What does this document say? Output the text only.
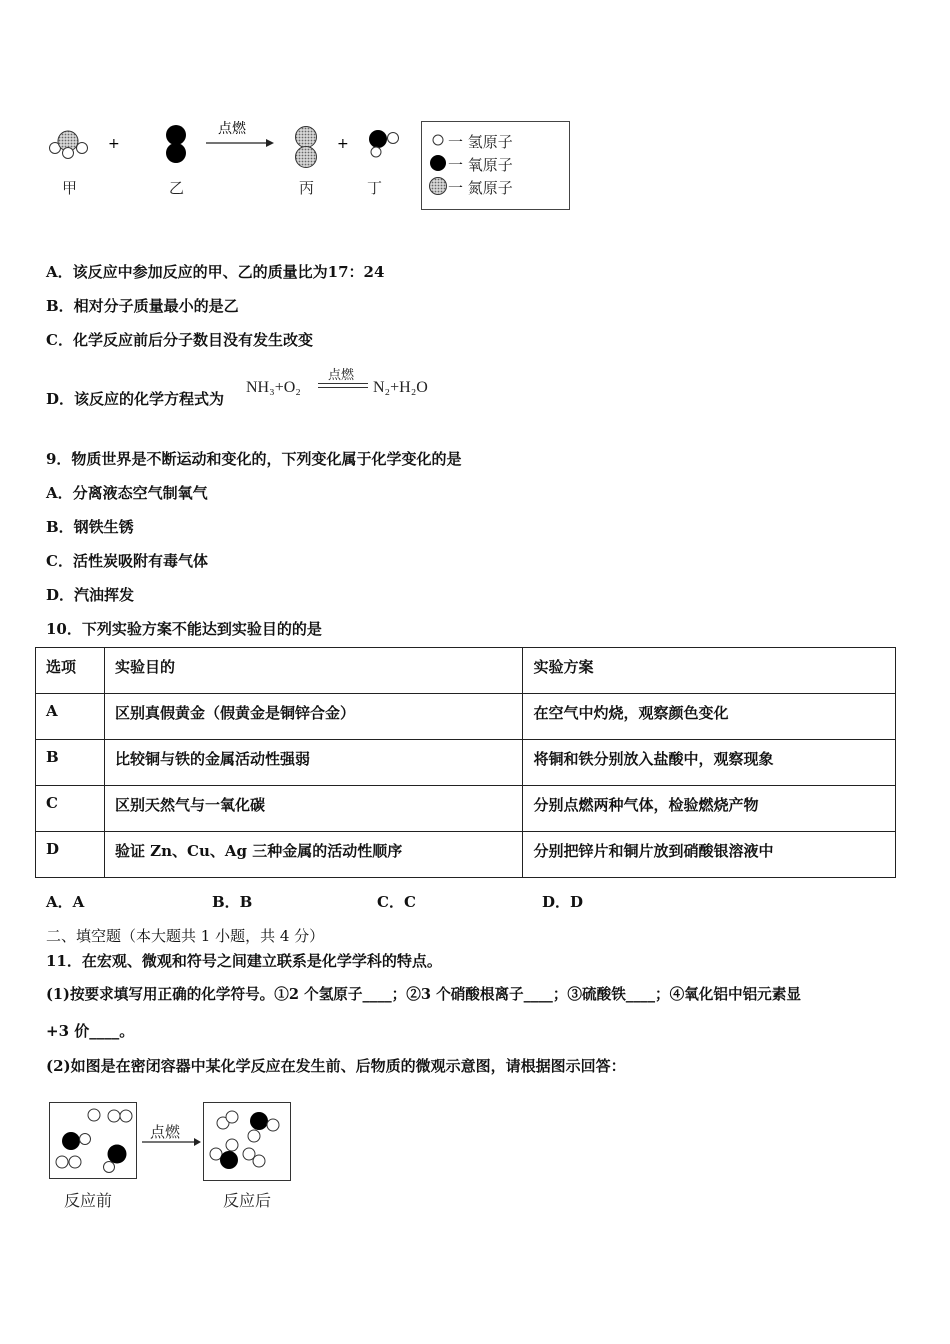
+
点燃
+
甲	乙	丙	丁
一 氢原子
一 氧原子
一 氮原子
A．该反应中参加反应的甲、乙的质量比为17：24
B．相对分子质量最小的是乙
C．化学反应前后分子数目没有发生改变
D．该反应的化学方程式为
NH₃+O₂
点燃
N₂+H₂O
9．物质世界是不断运动和变化的，下列变化属于化学变化的是
A．分离液态空气制氧气
B．钢铁生锈
C．活性炭吸附有毒气体
D．汽油挥发
10．下列实验方案不能达到实验目的的是
选项	实验目的	实验方案
A	区别真假黄金（假黄金是铜锌合金）	在空气中灼烧，观察颜色变化
B	比较铜与铁的金属活动性强弱	将铜和铁分别放入盐酸中，观察现象
C	区别天然气与一氧化碳	分别点燃两种气体，检验燃烧产物
D	验证 Zn、Cu、Ag 三种金属的活动性顺序	分别把锌片和铜片放到硝酸银溶液中
A．A	B．B	C．C	D．D
二、填空题（本大题共 1 小题，共 4 分）
11．在宏观、微观和符号之间建立联系是化学学科的特点。
(1)按要求填写用正确的化学符号。①2 个氢原子____；②3 个硝酸根离子____；③硫酸铁____；④氧化铝中铝元素显
+3 价____。
(2)如图是在密闭容器中某化学反应在发生前、后物质的微观示意图，请根据图示回答：
点燃
反应前	反应后
